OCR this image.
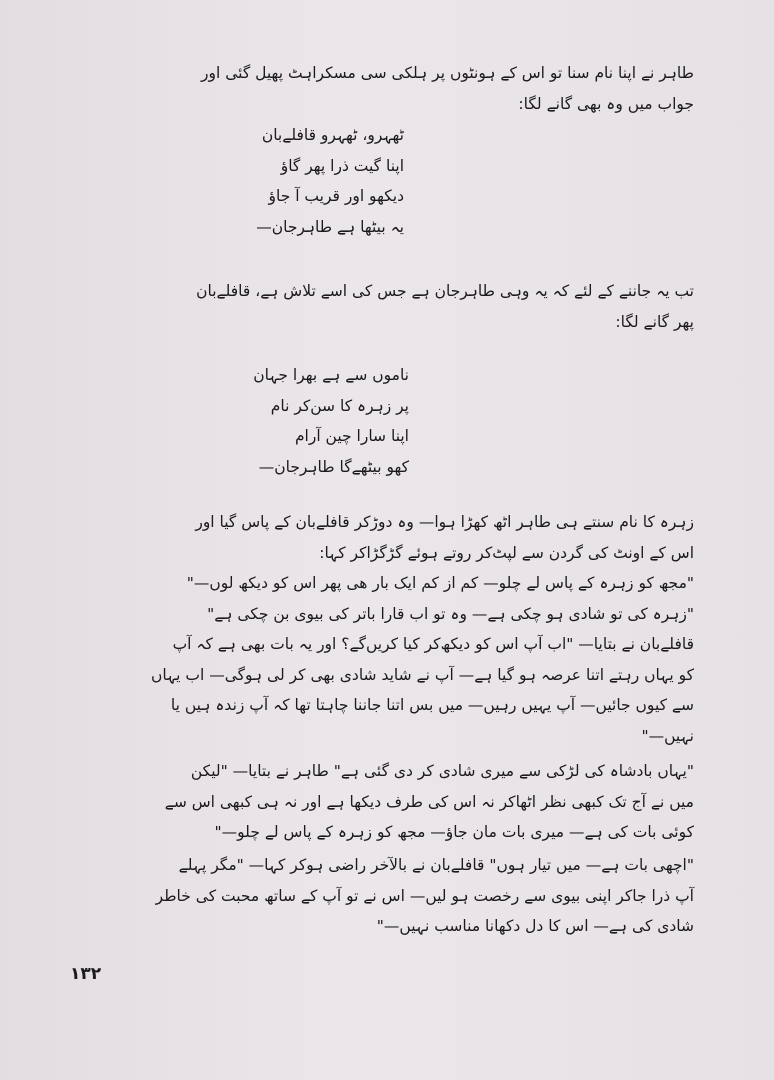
طاہر نے اپنا نام سنا تو اس کے ہونٹوں پر ہلکی سی مسکراہٹ پھیل گئی اور
جواب میں وہ بھی گانے لگا:
ٹھہرو، ٹھہرو قافلے‌بان
اپنا گیت ذرا پھر گاؤ
دیکھو اور قریب آ جاؤ
یہ بیٹھا ہے طاہرجان—
تب یہ جاننے کے لئے کہ یہ وہی طاہرجان ہے جس کی اسے تلاش ہے، قافلے‌بان
پھر گانے لگا:
ناموں سے ہے بھرا جہان
پر زہرہ کا سن‌کر نام
اپنا سارا چین آرام
کھو بیٹھےگا طاہرجان—
زہرہ کا نام سنتے ہی طاہر اٹھ کھڑا ہوا— وہ دوڑکر قافلے‌بان کے پاس گیا اور
اس کے اونٹ کی گردن سے لپٹ‌کر روتے ہوئے گڑگڑاکر کہا:
"مجھ کو زہرہ کے پاس لے چلو— کم از کم ایک بار ھی پھر اس کو دیکھ لوں—"
"زہرہ کی تو شادی ہو چکی ہے— وہ تو اب قارا باتر کی بیوی بن چکی ہے"
قافلےبان نے بتایا— "اب آپ اس کو دیکھ‌کر کیا کریں‌گے؟ اور یہ بات بھی ہے کہ آپ
کو یہاں رہتے اتنا عرصہ ہو گیا ہے— آپ نے شاید شادی بھی کر لی ہوگی— اب یہاں
سے کیوں جائیں— آپ یہیں رہیں— میں بس اتنا جاننا چاہتا تھا کہ آپ زندہ ہیں یا
نہیں—"
"یہاں بادشاہ کی لڑکی سے میری شادی کر دی گئی ہے" طاہر نے بتایا— "لیکن
میں نے آج تک کبھی نظر اٹھاکر نہ اس کی طرف دیکھا ہے اور نہ ہی کبھی اس سے
کوئی بات کی ہے— میری بات مان جاؤ— مجھ کو زہرہ کے پاس لے چلو—"
"اچھی بات ہے— میں تیار ہوں" قافلےبان نے بالآخر راضی ہوکر کہا— "مگر پہلے
آپ ذرا جاکر اپنی بیوی سے رخصت ہو لیں— اس نے تو آپ کے ساتھ محبت کی خاطر
شادی کی ہے— اس کا دل دکھانا مناسب نہیں—"
۱۳۲
